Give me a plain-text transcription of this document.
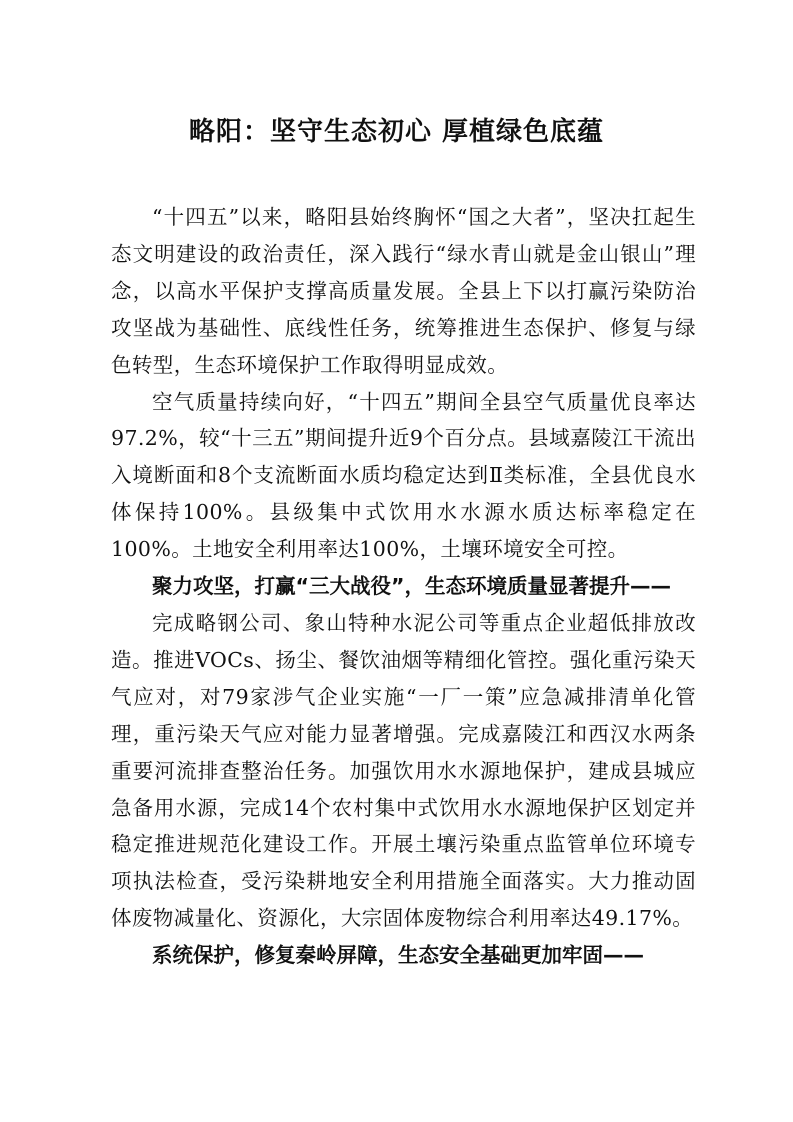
略阳：坚守生态初心 厚植绿色底蕴

“十四五”以来，略阳县始终胸怀“国之大者”，坚决扛起生态文明建设的政治责任，深入践行“绿水青山就是金山银山”理念，以高水平保护支撑高质量发展。全县上下以打赢污染防治攻坚战为基础性、底线性任务，统筹推进生态保护、修复与绿色转型，生态环境保护工作取得明显成效。

空气质量持续向好，“十四五”期间全县空气质量优良率达97.2%，较“十三五”期间提升近9个百分点。县域嘉陵江干流出入境断面和8个支流断面水质均稳定达到Ⅱ类标准，全县优良水体保持100%。县级集中式饮用水水源水质达标率稳定在100%。土地安全利用率达100%，土壤环境安全可控。

聚力攻坚，打赢“三大战役”，生态环境质量显著提升——

完成略钢公司、象山特种水泥公司等重点企业超低排放改造。推进VOCs、扬尘、餐饮油烟等精细化管控。强化重污染天气应对，对79家涉气企业实施“一厂一策”应急减排清单化管理，重污染天气应对能力显著增强。完成嘉陵江和西汉水两条重要河流排查整治任务。加强饮用水水源地保护，建成县城应急备用水源，完成14个农村集中式饮用水水源地保护区划定并稳定推进规范化建设工作。开展土壤污染重点监管单位环境专项执法检查，受污染耕地安全利用措施全面落实。大力推动固体废物减量化、资源化，大宗固体废物综合利用率达49.17%。

系统保护，修复秦岭屏障，生态安全基础更加牢固——
